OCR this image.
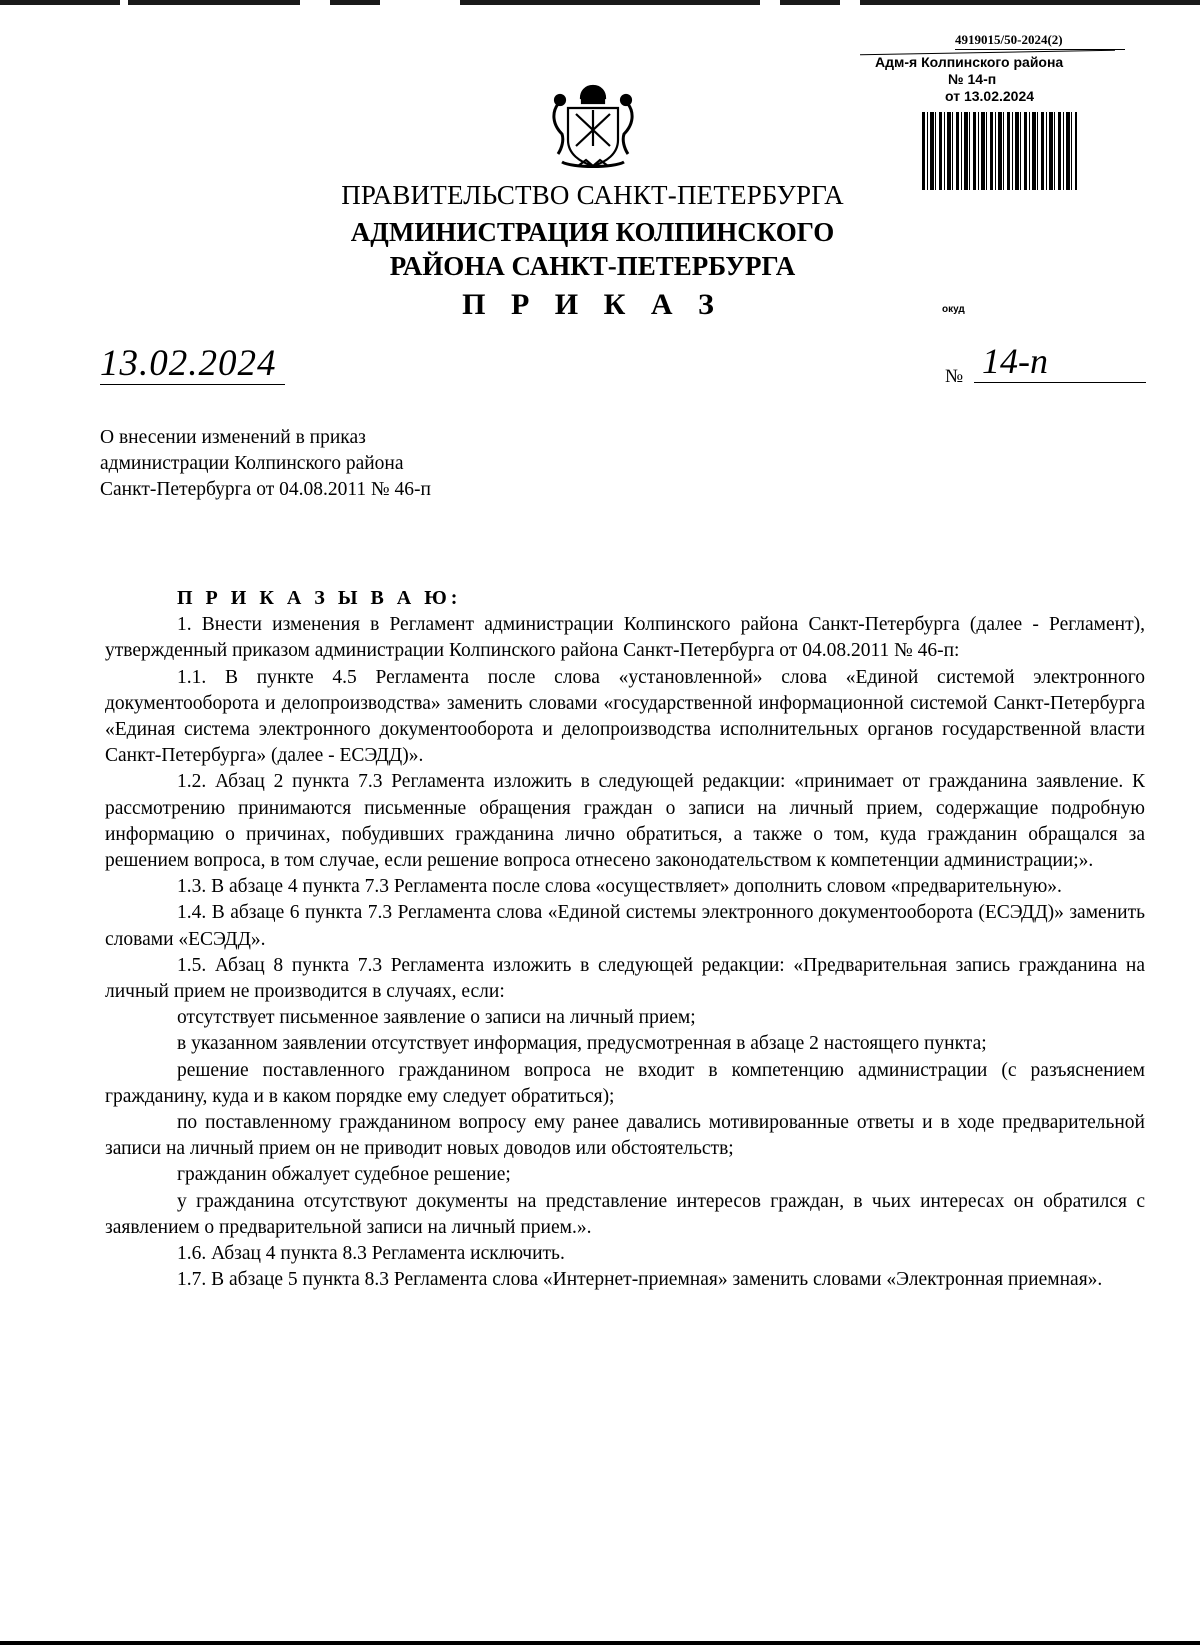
4919015/50-2024(2)
Адм-я Колпинского района
№ 14-п
от 13.02.2024
ПРАВИТЕЛЬСТВО САНКТ-ПЕТЕРБУРГА
АДМИНИСТРАЦИЯ КОЛПИНСКОГО
РАЙОНА САНКТ-ПЕТЕРБУРГА
П Р И К А З	окуд
13.02.2024	№ 14-п
О внесении изменений в приказ
администрации Колпинского района
Санкт-Петербурга от 04.08.2011 № 46-п
П Р И К А З Ы В А Ю:

1. Внести изменения в Регламент администрации Колпинского района Санкт-Петербурга (далее - Регламент), утвержденный приказом администрации Колпинского района Санкт-Петербурга от 04.08.2011 № 46-п:

1.1. В пункте 4.5 Регламента после слова «установленной» слова «Единой системой электронного документооборота и делопроизводства» заменить словами «государственной информационной системой Санкт-Петербурга «Единая система электронного документооборота и делопроизводства исполнительных органов государственной власти Санкт-Петербурга» (далее - ЕСЭДД)».

1.2. Абзац 2 пункта 7.3 Регламента изложить в следующей редакции: «принимает от гражданина заявление. К рассмотрению принимаются письменные обращения граждан о записи на личный прием, содержащие подробную информацию о причинах, побудивших гражданина лично обратиться, а также о том, куда гражданин обращался за решением вопроса, в том случае, если решение вопроса отнесено законодательством к компетенции администрации;».

1.3. В абзаце 4 пункта 7.3 Регламента после слова «осуществляет» дополнить словом «предварительную».

1.4. В абзаце 6 пункта 7.3 Регламента слова «Единой системы электронного документооборота (ЕСЭДД)» заменить словами «ЕСЭДД».

1.5. Абзац 8 пункта 7.3 Регламента изложить в следующей редакции: «Предварительная запись гражданина на личный прием не производится в случаях, если:

отсутствует письменное заявление о записи на личный прием;

в указанном заявлении отсутствует информация, предусмотренная в абзаце 2 настоящего пункта;

решение поставленного гражданином вопроса не входит в компетенцию администрации (с разъяснением гражданину, куда и в каком порядке ему следует обратиться);

по поставленному гражданином вопросу ему ранее давались мотивированные ответы и в ходе предварительной записи на личный прием он не приводит новых доводов или обстоятельств;

гражданин обжалует судебное решение;

у гражданина отсутствуют документы на представление интересов граждан, в чьих интересах он обратился с заявлением о предварительной записи на личный прием.».

1.6. Абзац 4 пункта 8.3 Регламента исключить.

1.7. В абзаце 5 пункта 8.3 Регламента слова «Интернет-приемная» заменить словами «Электронная приемная».
